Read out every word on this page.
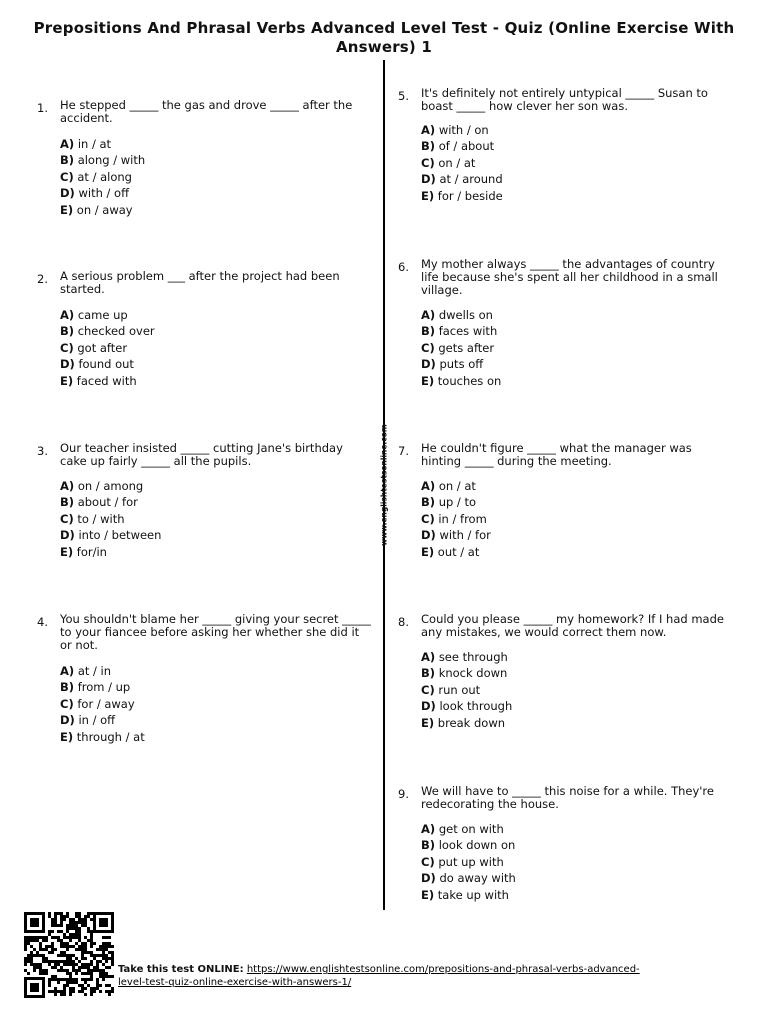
Prepositions And Phrasal Verbs Advanced Level Test - Quiz (Online Exercise With
Answers) 1
www.englishtestsonline.com
1. He stepped _____ the gas and drove _____ after the
accident.
A) in / at
B) along / with
C) at / along
D) with / off
E) on / away
2. A serious problem ___ after the project had been
started.
A) came up
B) checked over
C) got after
D) found out
E) faced with
3. Our teacher insisted _____ cutting Jane's birthday
cake up fairly _____ all the pupils.
A) on / among
B) about / for
C) to / with
D) into / between
E) for/in
4. You shouldn't blame her _____ giving your secret _____
to your fiancee before asking her whether she did it
or not.
A) at / in
B) from / up
C) for / away
D) in / off
E) through / at
5. It's definitely not entirely untypical _____ Susan to
boast _____ how clever her son was.
A) with / on
B) of / about
C) on / at
D) at / around
E) for / beside
6. My mother always _____ the advantages of country
life because she's spent all her childhood in a small
village.
A) dwells on
B) faces with
C) gets after
D) puts off
E) touches on
7. He couldn't figure _____ what the manager was
hinting _____ during the meeting.
A) on / at
B) up / to
C) in / from
D) with / for
E) out / at
8. Could you please _____ my homework? If I had made
any mistakes, we would correct them now.
A) see through
B) knock down
C) run out
D) look through
E) break down
9. We will have to _____ this noise for a while. They're
redecorating the house.
A) get on with
B) look down on
C) put up with
D) do away with
E) take up with
Take this test ONLINE: https://www.englishtestsonline.com/prepositions-and-phrasal-verbs-advanced-
level-test-quiz-online-exercise-with-answers-1/
